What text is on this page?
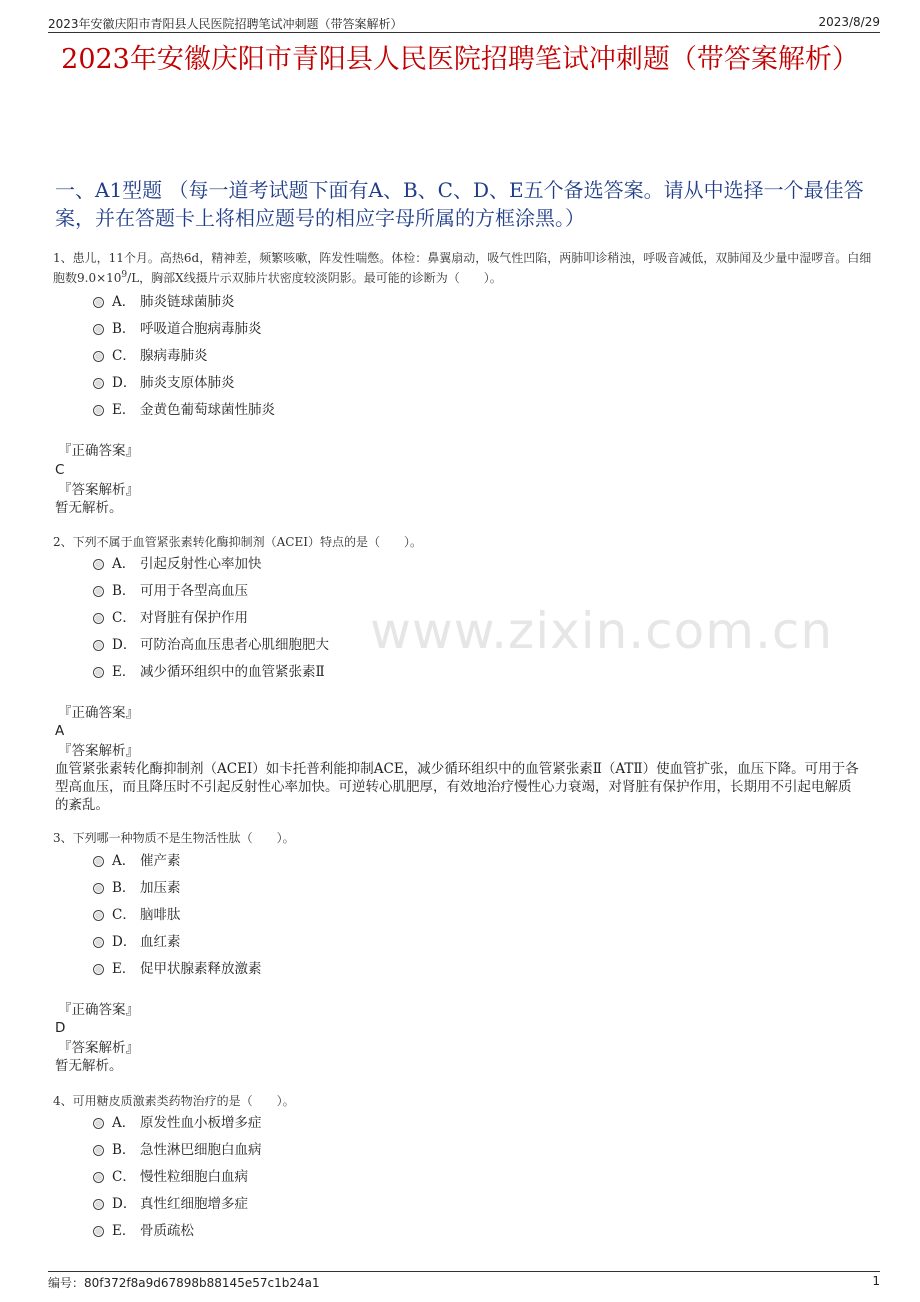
2023年安徽庆阳市青阳县人民医院招聘笔试冲刺题（带答案解析）	2023/8/29
2023年安徽庆阳市青阳县人民医院招聘笔试冲刺题（带答案解析）
一、A1型题 （每一道考试题下面有A、B、C、D、E五个备选答案。请从中选择一个最佳答案，并在答题卡上将相应题号的相应字母所属的方框涂黑。）
www.zixin.com.cn
1、患儿，11个月。高热6d，精神差，频繁咳嗽，阵发性喘憋。体检：鼻翼扇动，吸气性凹陷，两肺叩诊稍浊，呼吸音减低，双肺闻及少量中湿啰音。白细胞数$9.0\times 10^9/L$，胸部X线摄片示双肺片状密度较淡阴影。最可能的诊断为（　　）。
A． 肺炎链球菌肺炎
B． 呼吸道合胞病毒肺炎
C． 腺病毒肺炎
D． 肺炎支原体肺炎
E． 金黄色葡萄球菌性肺炎
『正确答案』
C
『答案解析』
暂无解析。
2、下列不属于血管紧张素转化酶抑制剂（ACEI）特点的是（　　）。
A． 引起反射性心率加快
B． 可用于各型高血压
C． 对肾脏有保护作用
D． 可防治高血压患者心肌细胞肥大
E． 减少循环组织中的血管紧张素Ⅱ
『正确答案』
A
『答案解析』
血管紧张素转化酶抑制剂（ACEI）如卡托普利能抑制ACE，减少循环组织中的血管紧张素Ⅱ（ATⅡ）使血管扩张，血压下降。可用于各型高血压，而且降压时不引起反射性心率加快。可逆转心肌肥厚，有效地治疗慢性心力衰竭，对肾脏有保护作用，长期用不引起电解质的紊乱。
3、下列哪一种物质不是生物活性肽（　　）。
A． 催产素
B． 加压素
C． 脑啡肽
D． 血红素
E． 促甲状腺素释放激素
『正确答案』
D
『答案解析』
暂无解析。
4、可用糖皮质激素类药物治疗的是（　　）。
A． 原发性血小板增多症
B． 急性淋巴细胞白血病
C． 慢性粒细胞白血病
D． 真性红细胞增多症
E． 骨质疏松
编号：80f372f8a9d67898b88145e57c1b24a1	1
